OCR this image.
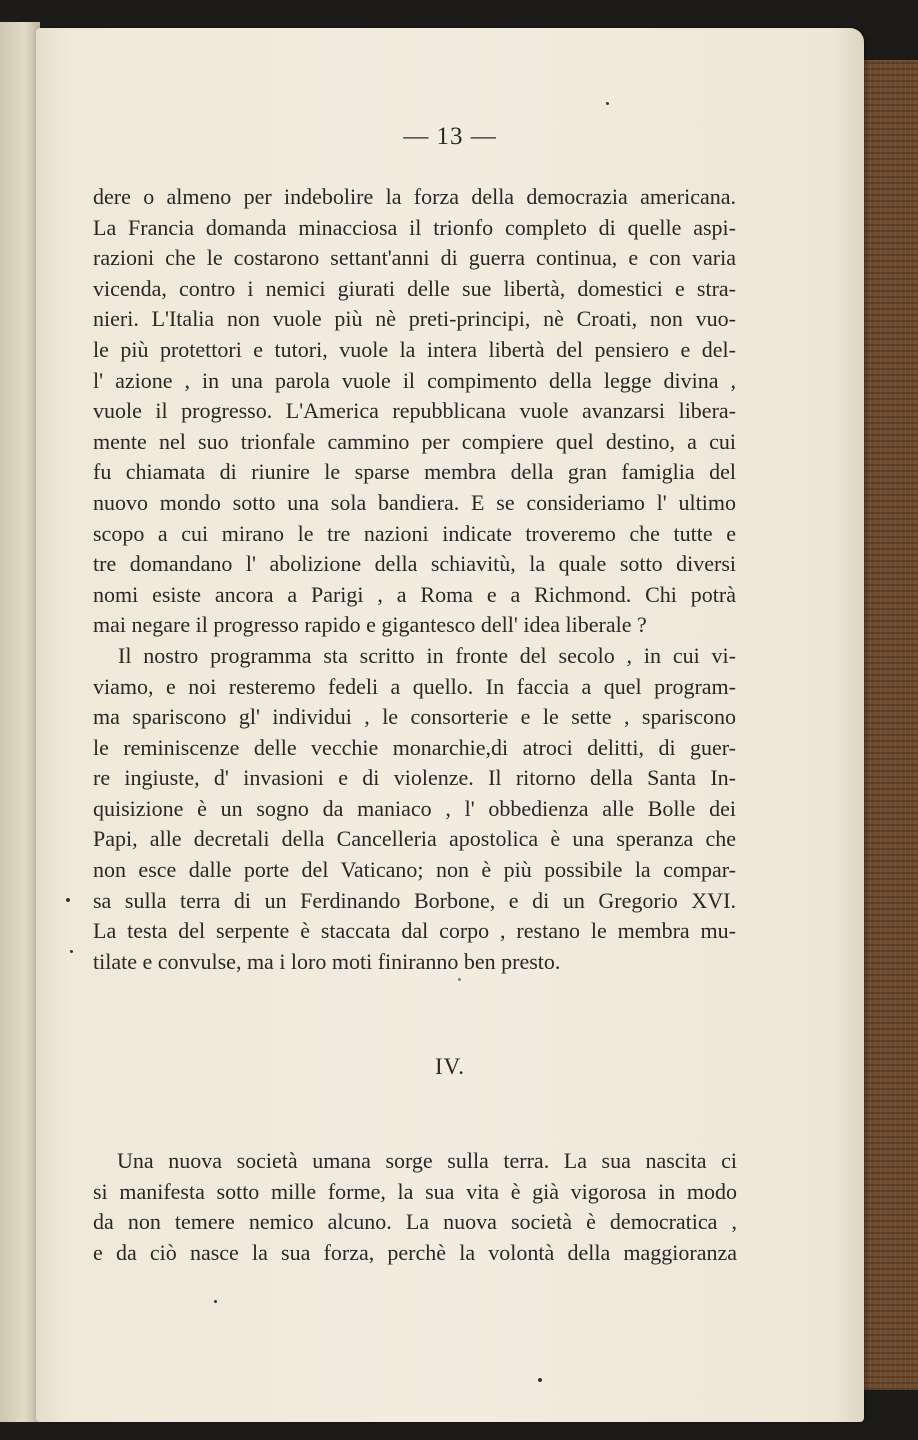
— 13 —
dere o almeno per indebolire la forza della democrazia americana.
La Francia domanda minacciosa il trionfo completo di quelle aspi-
razioni che le costarono settant'anni di guerra continua, e con varia
vicenda, contro i nemici giurati delle sue libertà, domestici e stra-
nieri. L'Italia non vuole più nè preti-principi, nè Croati, non vuo-
le più protettori e tutori, vuole la intera libertà del pensiero e del-
l' azione , in una parola vuole il compimento della legge divina ,
vuole il progresso. L'America repubblicana vuole avanzarsi libera-
mente nel suo trionfale cammino per compiere quel destino, a cui
fu chiamata di riunire le sparse membra della gran famiglia del
nuovo mondo sotto una sola bandiera. E se consideriamo l' ultimo
scopo a cui mirano le tre nazioni indicate troveremo che tutte e
tre domandano l' abolizione della schiavitù, la quale sotto diversi
nomi esiste ancora a Parigi , a Roma e a Richmond. Chi potrà
mai negare il progresso rapido e gigantesco dell' idea liberale ?
Il nostro programma sta scritto in fronte del secolo , in cui vi-
viamo, e noi resteremo fedeli a quello. In faccia a quel program-
ma spariscono gl' individui , le consorterie e le sette , spariscono
le reminiscenze delle vecchie monarchie,di atroci delitti, di guer-
re ingiuste, d' invasioni e di violenze. Il ritorno della Santa In-
quisizione è un sogno da maniaco , l' obbedienza alle Bolle dei
Papi, alle decretali della Cancelleria apostolica è una speranza che
non esce dalle porte del Vaticano; non è più possibile la compar-
sa sulla terra di un Ferdinando Borbone, e di un Gregorio XVI.
La testa del serpente è staccata dal corpo , restano le membra mu-
tilate e convulse, ma i loro moti finiranno ben presto.
IV.
Una nuova società umana sorge sulla terra. La sua nascita ci
si manifesta sotto mille forme, la sua vita è già vigorosa in modo
da non temere nemico alcuno. La nuova società è democratica ,
e da ciò nasce la sua forza, perchè la volontà della maggioranza
